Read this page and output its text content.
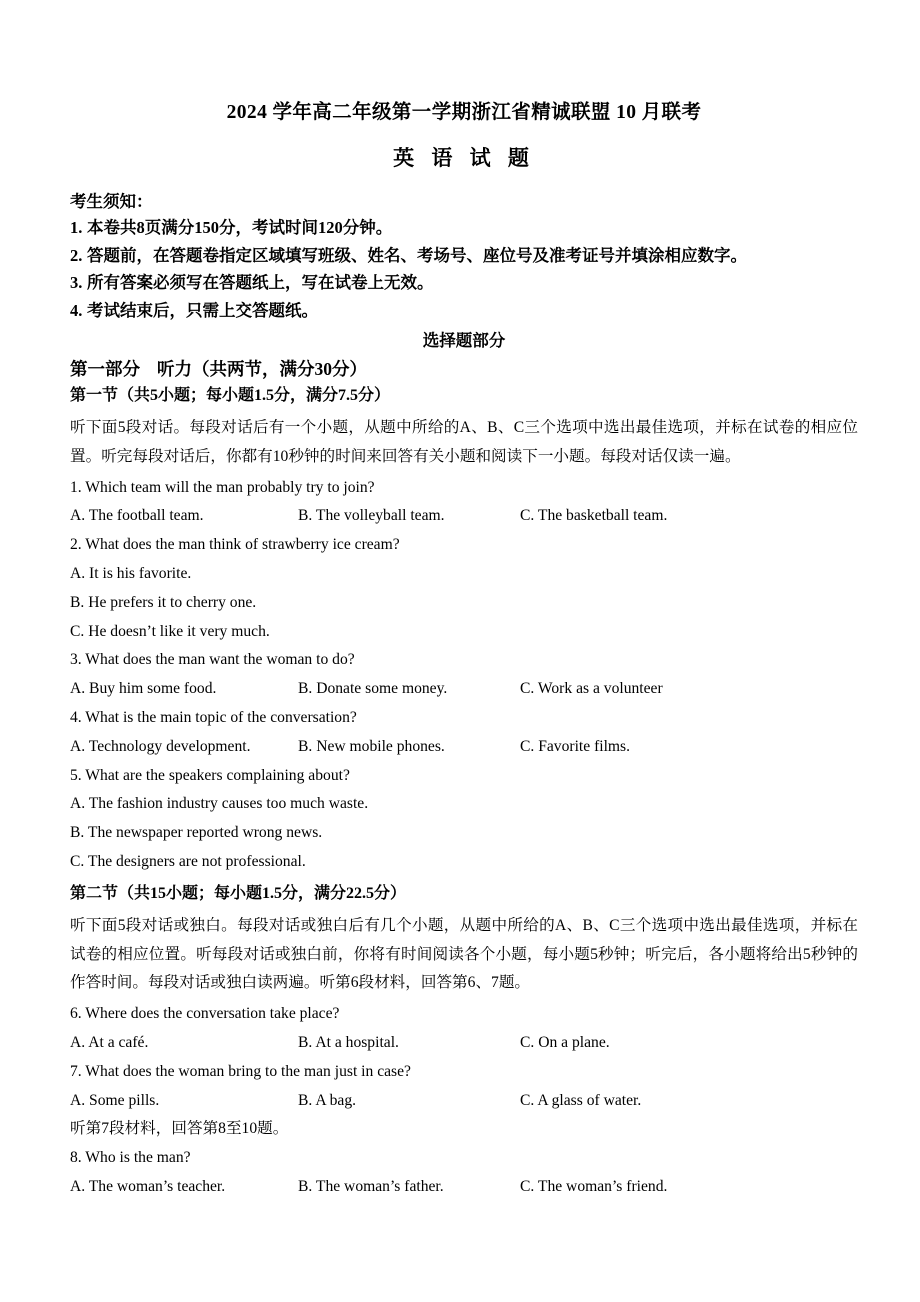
2024 学年高二年级第一学期浙江省精诚联盟 10 月联考
英 语 试 题
考生须知：
1. 本卷共8页满分150分，考试时间120分钟。
2. 答题前，在答题卷指定区域填写班级、姓名、考场号、座位号及准考证号并填涂相应数字。
3. 所有答案必须写在答题纸上，写在试卷上无效。
4. 考试结束后，只需上交答题纸。
选择题部分
第一部分 听力（共两节，满分30分）
第一节（共5小题；每小题1.5分，满分7.5分）

听下面5段对话。每段对话后有一个小题，从题中所给的A、B、C三个选项中选出最佳选项，并标在试卷的相应位置。听完每段对话后，你都有10秒钟的时间来回答有关小题和阅读下一小题。每段对话仅读一遍。

1. Which team will the man probably try to join?

A. The football team.	B. The volleyball team.	C. The basketball team.

2. What does the man think of strawberry ice cream?

A. It is his favorite.

B. He prefers it to cherry one.

C. He doesn’t like it very much.

3. What does the man want the woman to do?

A. Buy him some food.	B. Donate some money.	C. Work as a volunteer

4. What is the main topic of the conversation?

A. Technology development.	B. New mobile phones.	C. Favorite films.

5. What are the speakers complaining about?

A. The fashion industry causes too much waste.

B. The newspaper reported wrong news.

C. The designers are not professional.

第二节（共15小题；每小题1.5分，满分22.5分）

听下面5段对话或独白。每段对话或独白后有几个小题，从题中所给的A、B、C三个选项中选出最佳选项，并标在试卷的相应位置。听每段对话或独白前，你将有时间阅读各个小题，每小题5秒钟；听完后，各小题将给出5秒钟的作答时间。每段对话或独白读两遍。听第6段材料，回答第6、7题。

6. Where does the conversation take place?

A. At a café.	B. At a hospital.	C. On a plane.

7. What does the woman bring to the man just in case?

A. Some pills.	B. A bag.	C. A glass of water.

听第7段材料，回答第8至10题。

8. Who is the man?

A. The woman’s teacher.	B. The woman’s father.	C. The woman’s friend.
